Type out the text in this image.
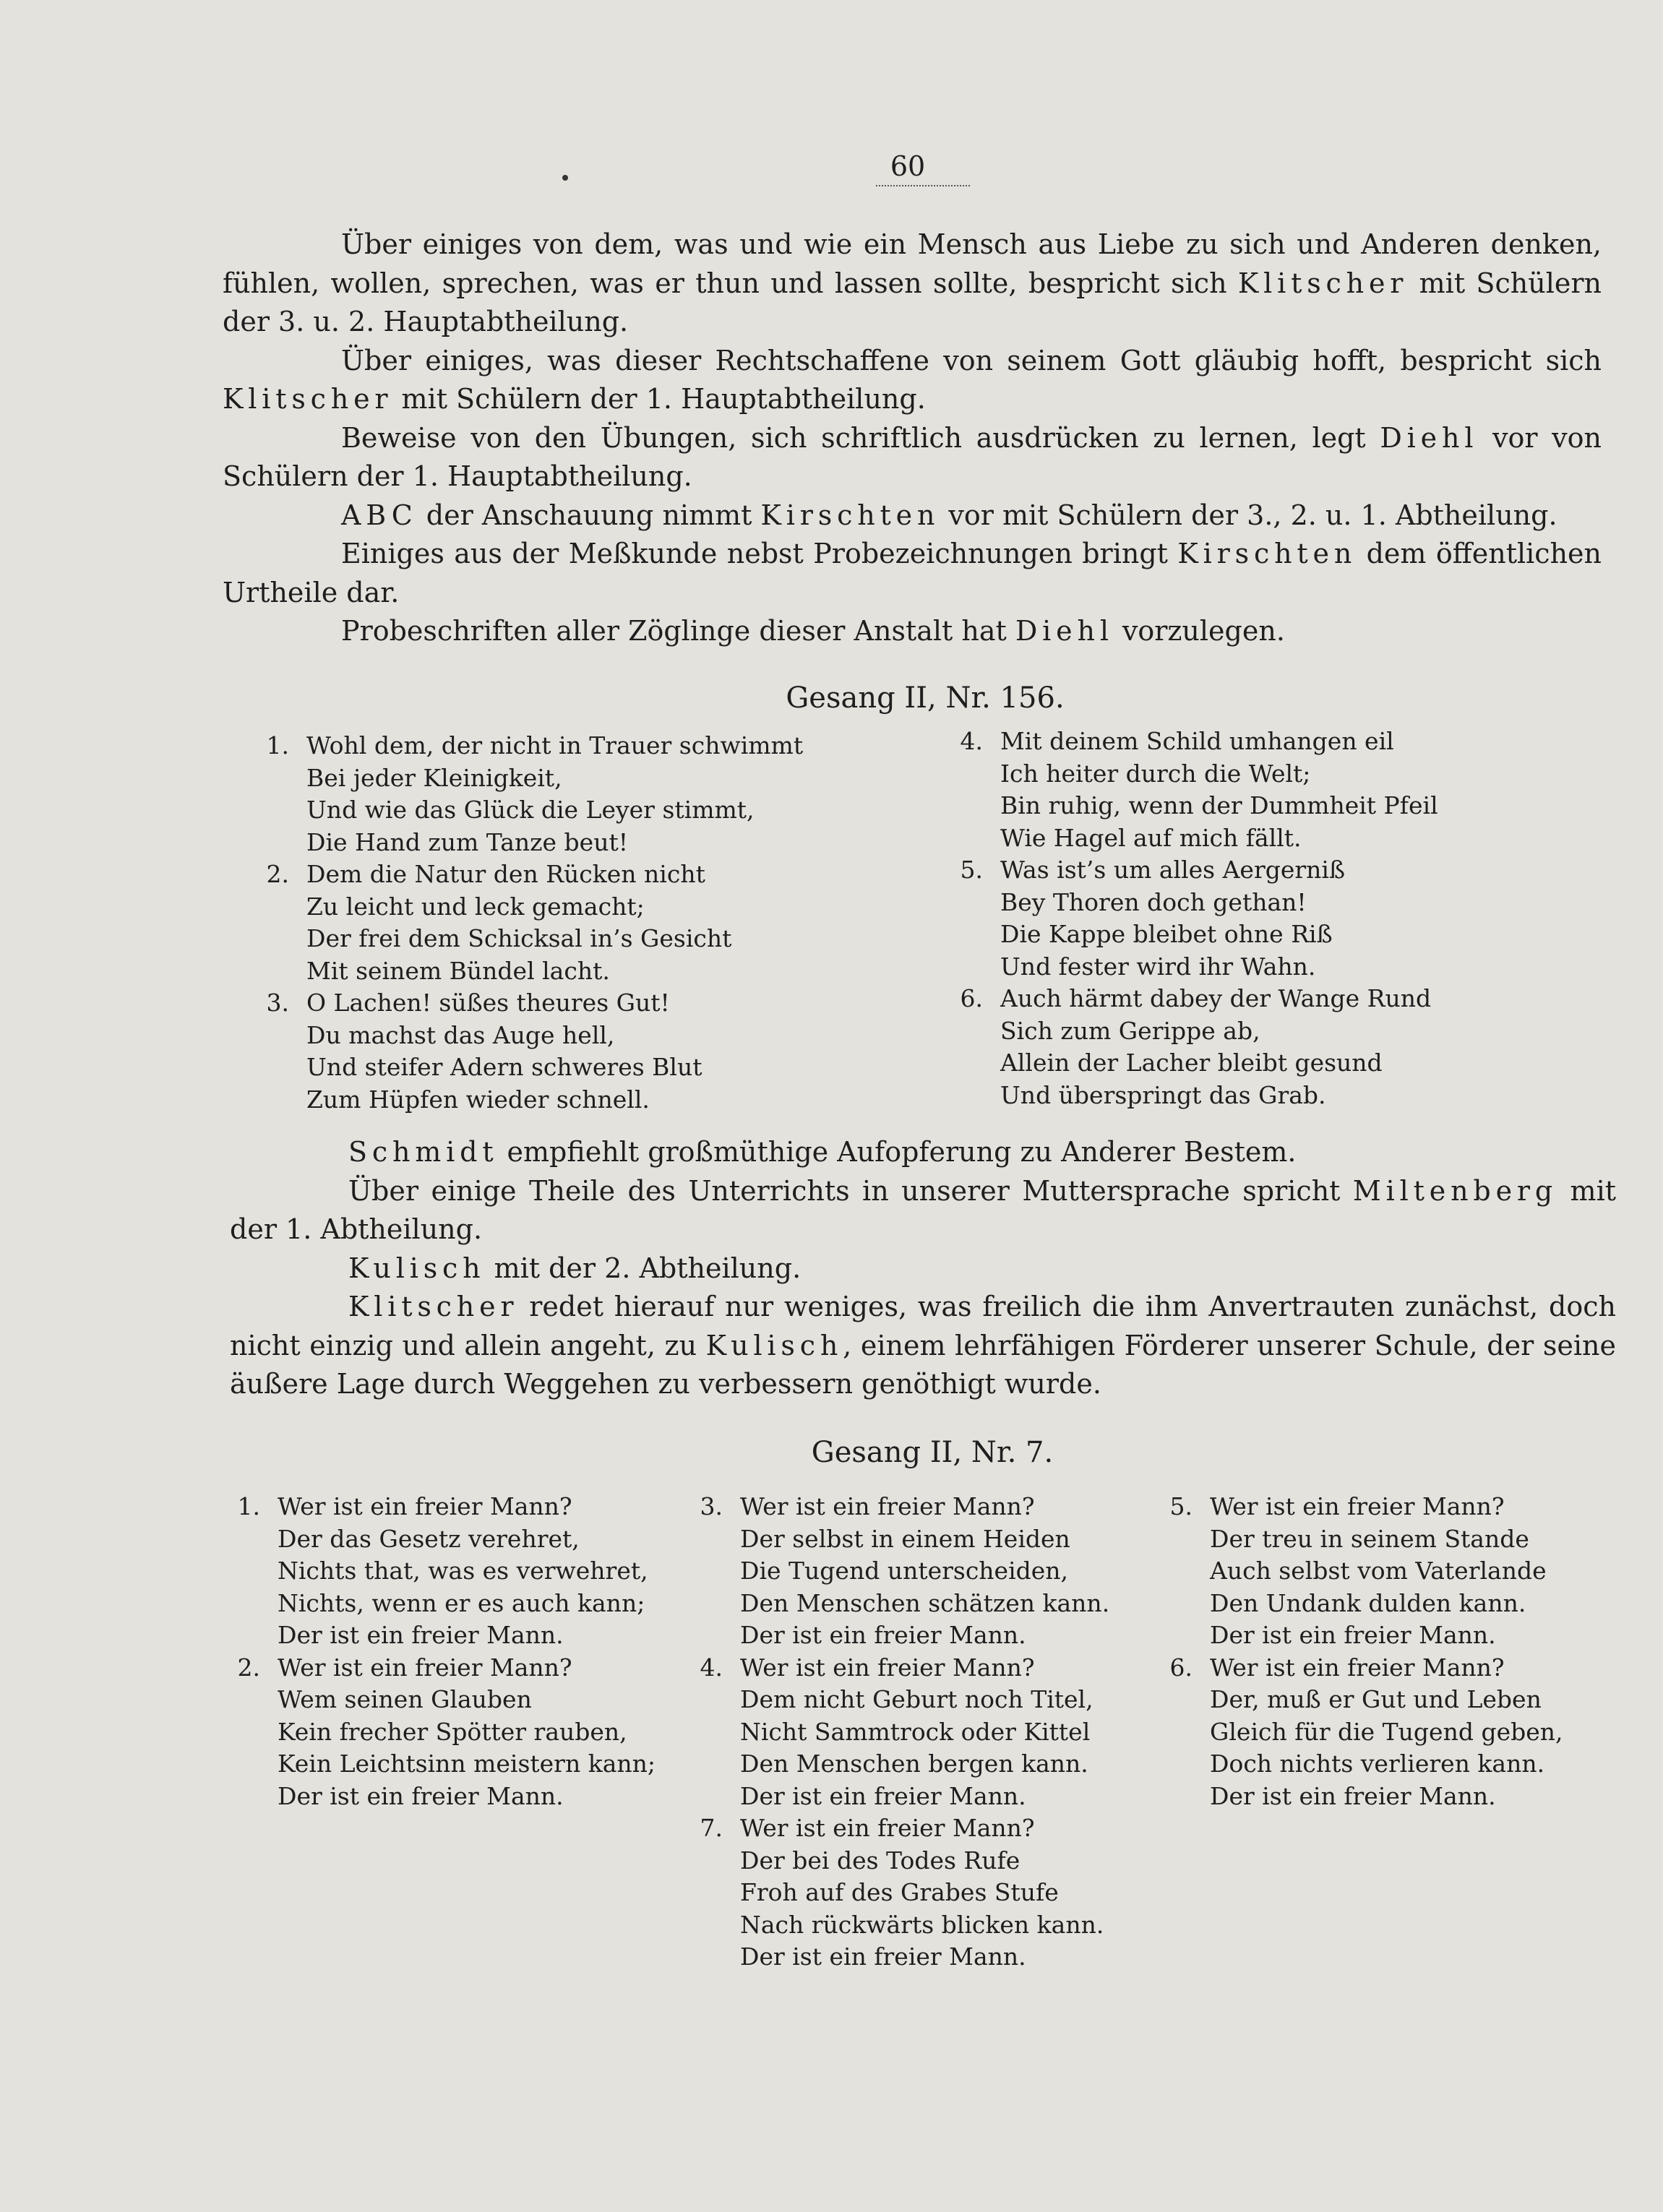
60

Über einiges von dem, was und wie ein Mensch aus Liebe zu sich und Anderen denken, fühlen, wollen, sprechen, was er thun und lassen sollte, bespricht sich Klitscher mit Schülern der 3. u. 2. Hauptabtheilung.

Über einiges, was dieser Rechtschaffene von seinem Gott gläubig hofft, bespricht sich Klitscher mit Schülern der 1. Hauptabtheilung.

Beweise von den Übungen, sich schriftlich ausdrücken zu lernen, legt Diehl vor von Schülern der 1. Hauptabtheilung.

ABC der Anschauung nimmt Kirschten vor mit Schülern der 3., 2. u. 1. Abtheilung.

Einiges aus der Meßkunde nebst Probezeichnungen bringt Kirschten dem öffentlichen Urtheile dar.

Probeschriften aller Zöglinge dieser Anstalt hat Diehl vorzulegen.

Gesang II, Nr. 156.
1. Wohl dem, der nicht in Trauer schwimmt
Bei jeder Kleinigkeit,
Und wie das Glück die Leyer stimmt,
Die Hand zum Tanze beut!
2. Dem die Natur den Rücken nicht
Zu leicht und leck gemacht;
Der frei dem Schicksal in’s Gesicht
Mit seinem Bündel lacht.
3. O Lachen! süßes theures Gut!
Du machst das Auge hell,
Und steifer Adern schweres Blut
Zum Hüpfen wieder schnell.
4. Mit deinem Schild umhangen eil
Ich heiter durch die Welt;
Bin ruhig, wenn der Dummheit Pfeil
Wie Hagel auf mich fällt.
5. Was ist’s um alles Aergerniß
Bey Thoren doch gethan!
Die Kappe bleibet ohne Riß
Und fester wird ihr Wahn.
6. Auch härmt dabey der Wange Rund
Sich zum Gerippe ab,
Allein der Lacher bleibt gesund
Und überspringt das Grab.

Schmidt empfiehlt großmüthige Aufopferung zu Anderer Bestem.

Über einige Theile des Unterrichts in unserer Muttersprache spricht Miltenberg mit der 1. Abtheilung.

Kulisch mit der 2. Abtheilung.

Klitscher redet hierauf nur weniges, was freilich die ihm Anvertrauten zunächst, doch nicht einzig und allein angeht, zu Kulisch, einem lehrfähigen Förderer unserer Schule, der seine äußere Lage durch Weggehen zu verbessern genöthigt wurde.

Gesang II, Nr. 7.
1. Wer ist ein freier Mann?
Der das Gesetz verehret,
Nichts that, was es verwehret,
Nichts, wenn er es auch kann;
Der ist ein freier Mann.
2. Wer ist ein freier Mann?
Wem seinen Glauben
Kein frecher Spötter rauben,
Kein Leichtsinn meistern kann;
Der ist ein freier Mann.
3. Wer ist ein freier Mann?
Der selbst in einem Heiden
Die Tugend unterscheiden,
Den Menschen schätzen kann.
Der ist ein freier Mann.
4. Wer ist ein freier Mann?
Dem nicht Geburt noch Titel,
Nicht Sammtrock oder Kittel
Den Menschen bergen kann.
Der ist ein freier Mann.
7. Wer ist ein freier Mann?
Der bei des Todes Rufe
Froh auf des Grabes Stufe
Nach rückwärts blicken kann.
Der ist ein freier Mann.
5. Wer ist ein freier Mann?
Der treu in seinem Stande
Auch selbst vom Vaterlande
Den Undank dulden kann.
Der ist ein freier Mann.
6. Wer ist ein freier Mann?
Der, muß er Gut und Leben
Gleich für die Tugend geben,
Doch nichts verlieren kann.
Der ist ein freier Mann.
